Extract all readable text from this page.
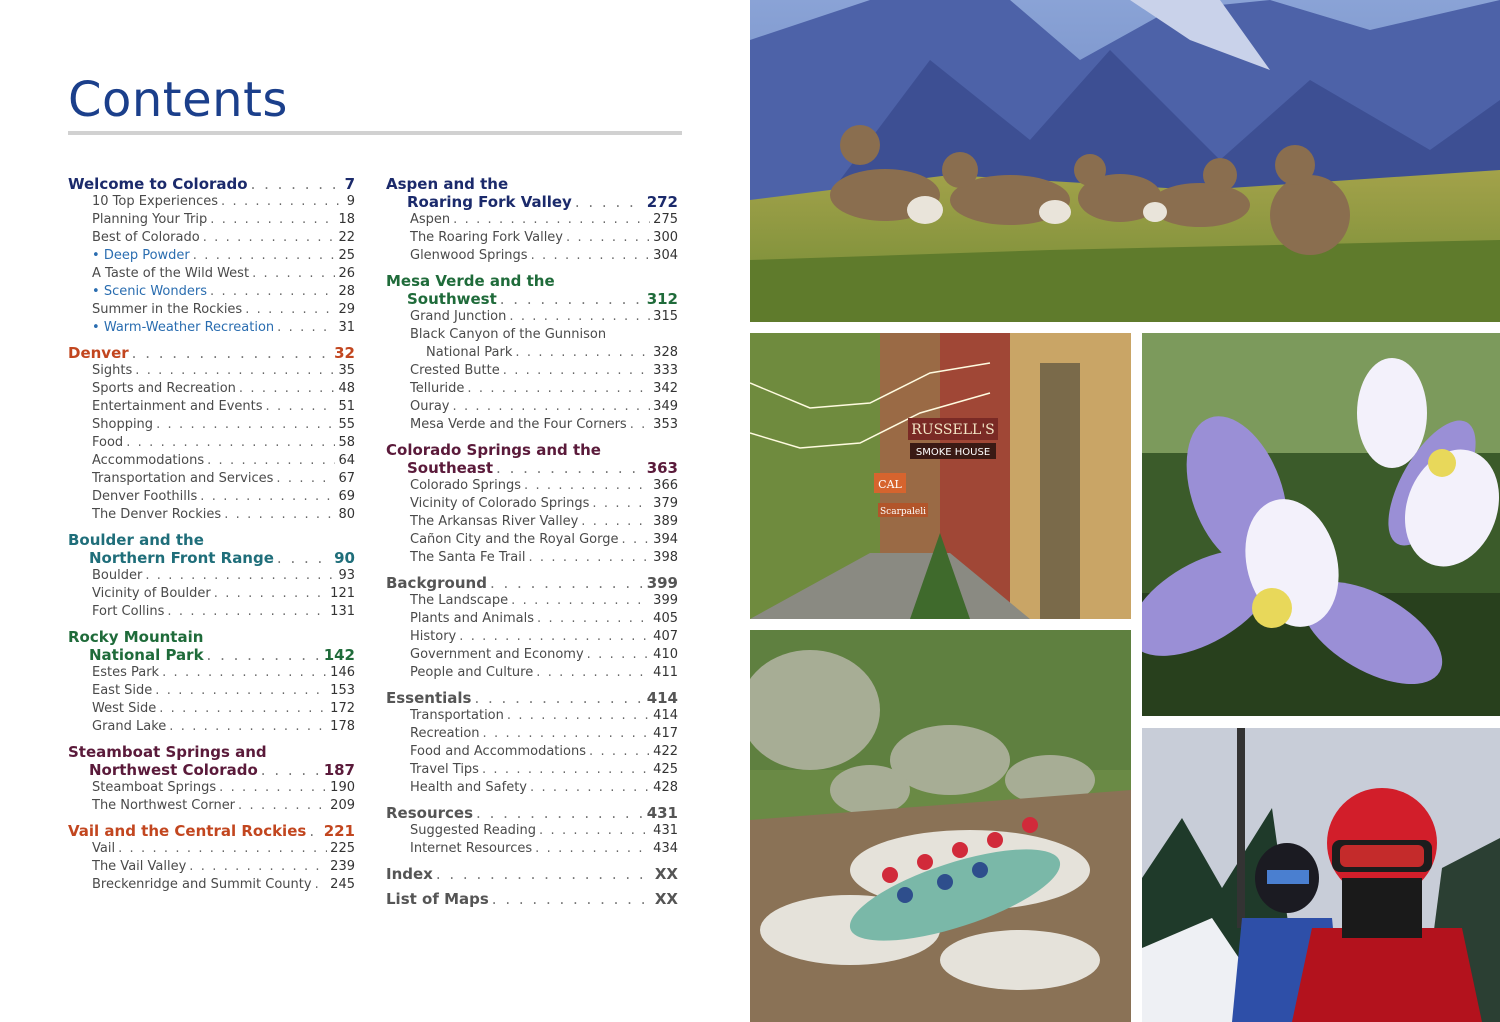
Contents
Welcome to Colorado . . .	7
10 Top Experiences . . .	9
Planning Your Trip . . .	18
Best of Colorado . . .	22
• Deep Powder . . .	25
A Taste of the Wild West . . .	26
• Scenic Wonders . . .	28
Summer in the Rockies . . .	29
• Warm-Weather Recreation . . .	31
Denver . . .	32
Sights . . .	35
Sports and Recreation . . .	48
Entertainment and Events . . .	51
Shopping . . .	55
Food . . .	58
Accommodations . . .	64
Transportation and Services . . .	67
Denver Foothills . . .	69
The Denver Rockies . . .	80
Boulder and the
Northern Front Range . . .	90
Boulder . . .	93
Vicinity of Boulder . . .	121
Fort Collins . . .	131
Rocky Mountain
National Park . . .	142
Estes Park . . .	146
East Side . . .	153
West Side . . .	172
Grand Lake . . .	178
Steamboat Springs and
Northwest Colorado . . .	187
Steamboat Springs . . .	190
The Northwest Corner . . .	209
Vail and the Central Rockies . . . 221
Vail . . .	225
The Vail Valley . . .	239
Breckenridge and Summit County . . . 245
Aspen and the
Roaring Fork Valley . . .	272
Aspen . . .	275
The Roaring Fork Valley . . .	300
Glenwood Springs . . .	304
Mesa Verde and the
Southwest . . .	312
Grand Junction . . .	315
Black Canyon of the Gunnison
National Park . . .	328
Crested Butte . . .	333
Telluride . . .	342
Ouray . . .	349
Mesa Verde and the Four Corners . . . 353
Colorado Springs and the
Southeast . . .	363
Colorado Springs . . .	366
Vicinity of Colorado Springs . . .	379
The Arkansas River Valley . . .	389
Cañon City and the Royal Gorge . . .	394
The Santa Fe Trail . . .	398
Background . . .	399
The Landscape . . .	399
Plants and Animals . . .	405
History . . .	407
Government and Economy . . .	410
People and Culture . . .	411
Essentials . . .	414
Transportation . . .	414
Recreation . . .	417
Food and Accommodations . . .	422
Travel Tips . . .	425
Health and Safety . . .	428
Resources . . .	431
Suggested Reading . . .	431
Internet Resources . . .	434
Index . . .	XX
List of Maps . . .	XX
RUSSELL'S
SMOKE HOUSE
CAL
Scarpaleli
